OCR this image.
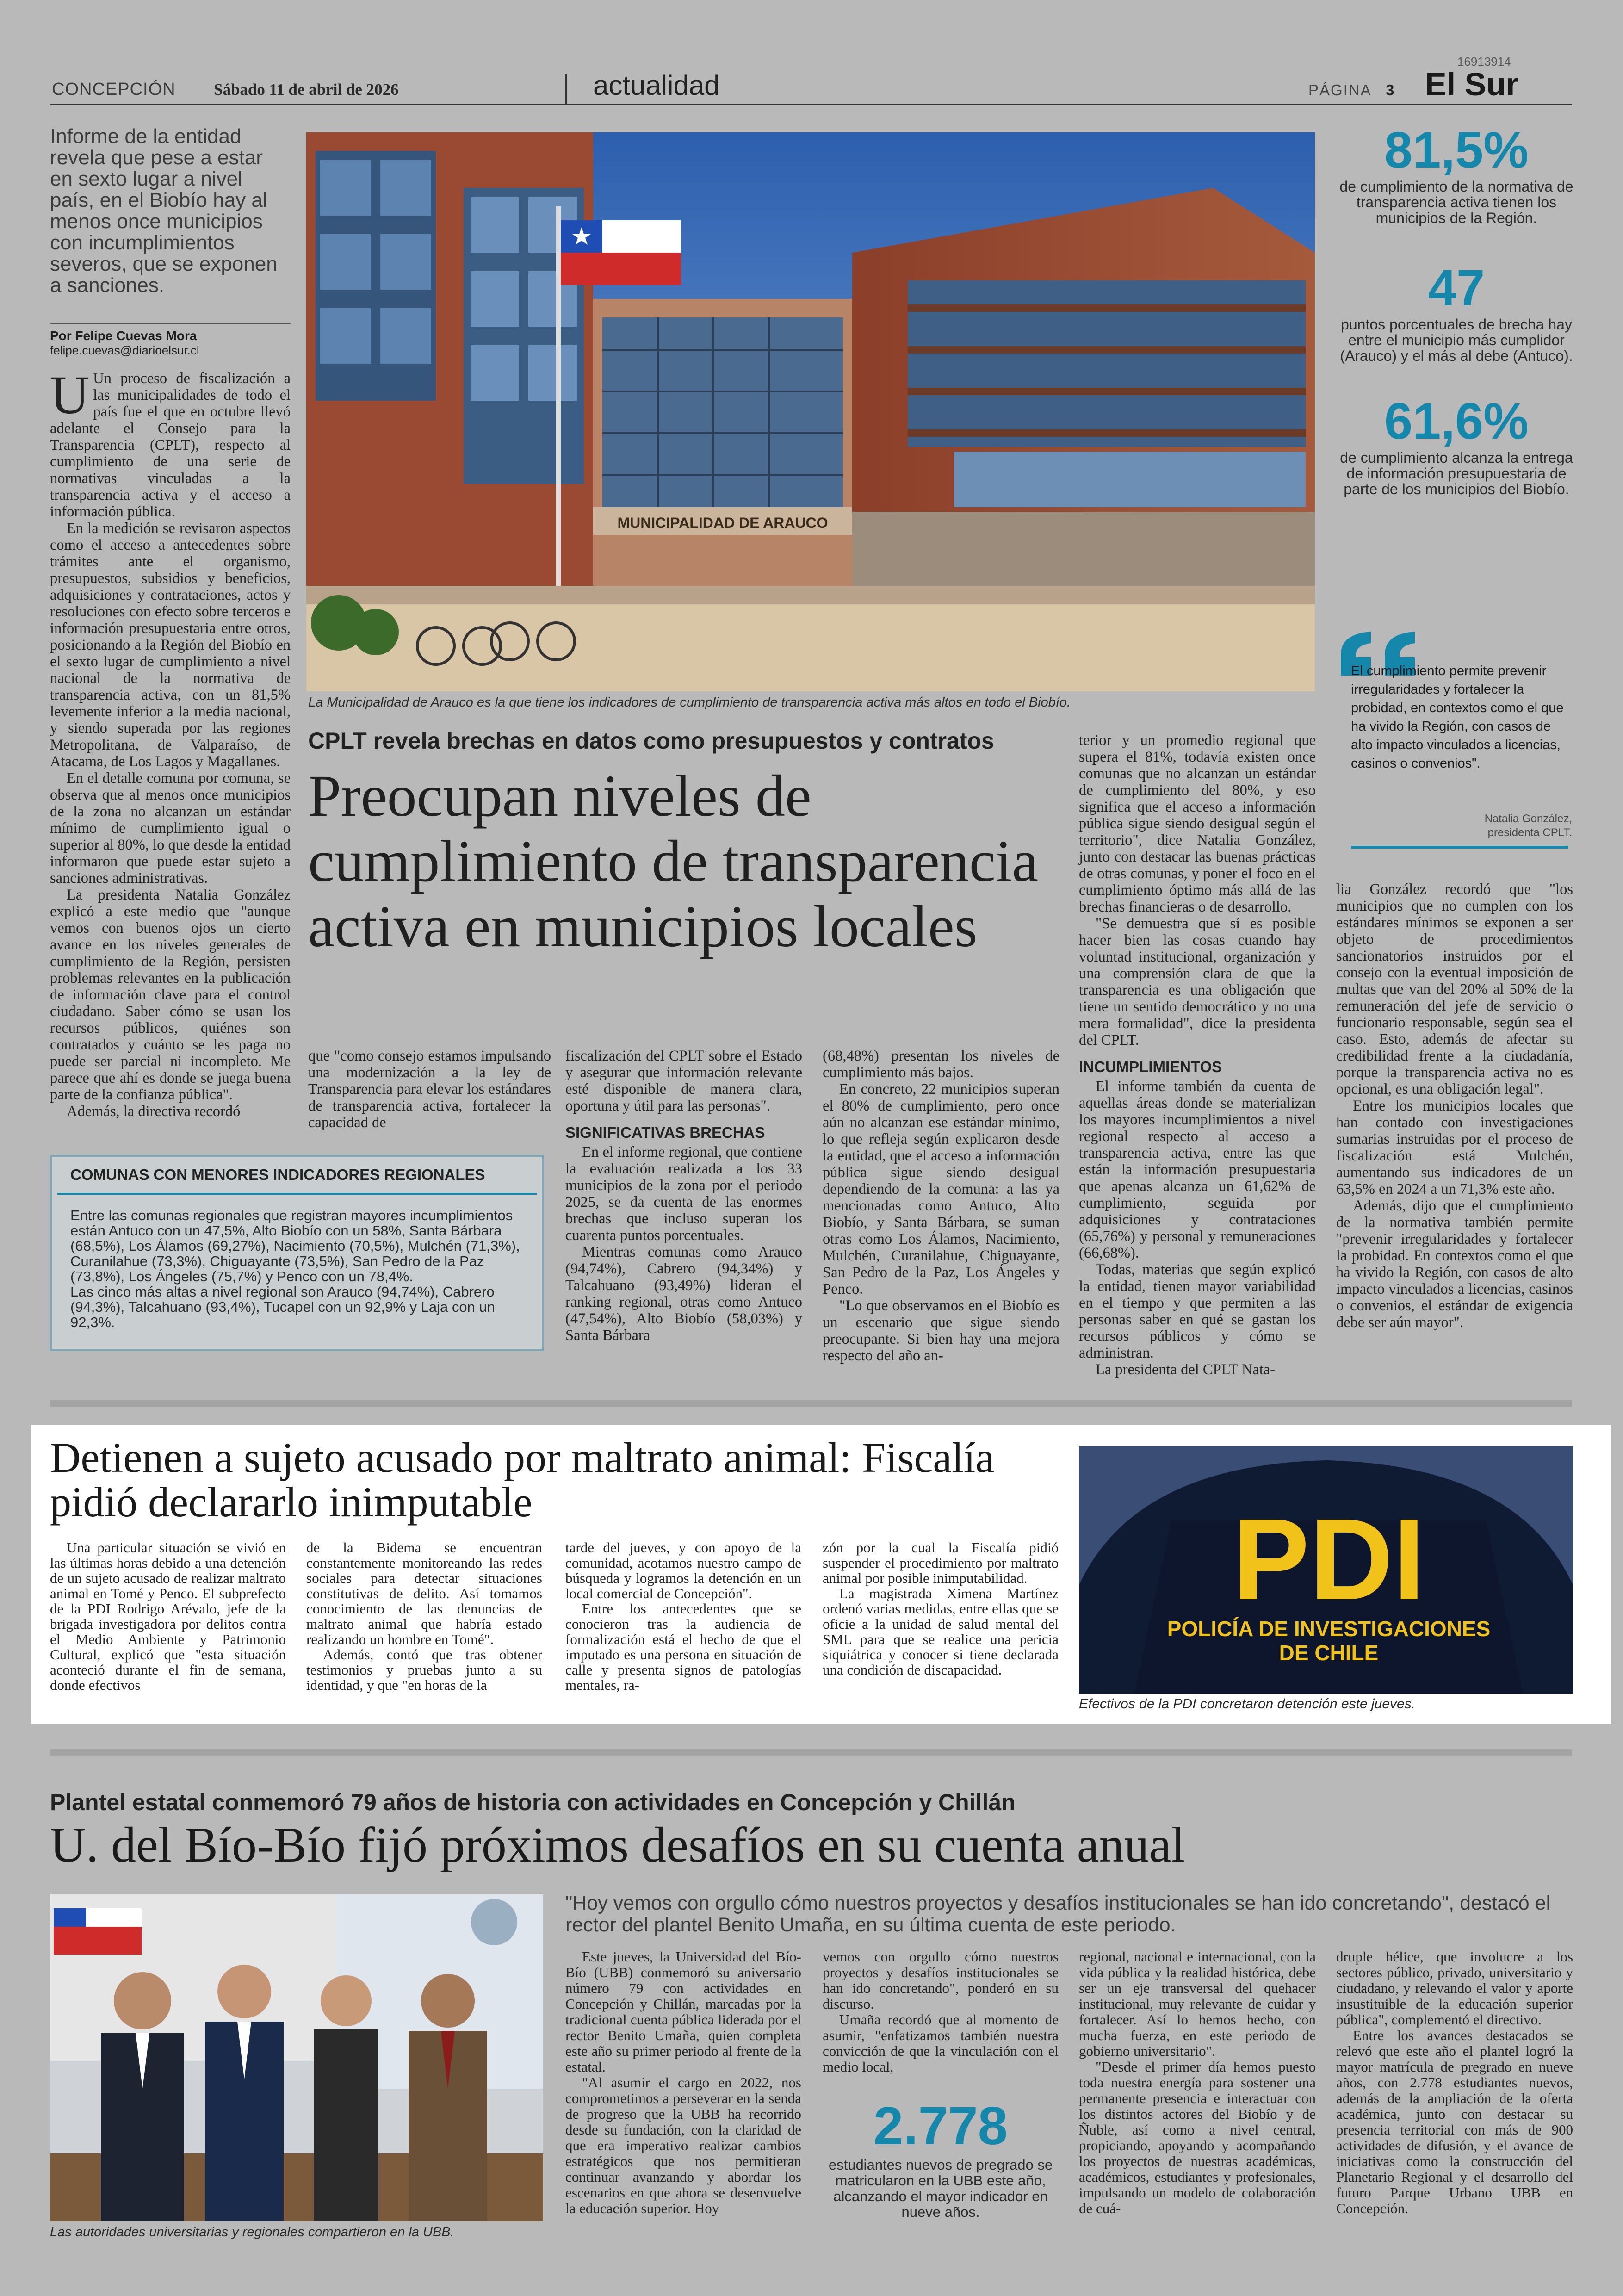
16913914
CONCEPCIÓN Sábado 11 de abril de 2026	actualidad	PÁGINA 3 El Sur
Informe de la entidad revela que pese a estar en sexto lugar a nivel país, en el Biobío hay al menos once municipios con incumplimientos severos, que se exponen a sanciones.
Por Felipe Cuevas Mora
felipe.cuevas@diarioelsur.cl

U Un proceso de fiscalización a las municipalidades de todo el país fue el que en octubre llevó adelante el Consejo para la Transparencia (CPLT), respecto al cumplimiento de una serie de normativas vinculadas a la transparencia activa y el acceso a información pública.

En la medición se revisaron aspectos como el acceso a antecedentes sobre trámites ante el organismo, presupuestos, subsidios y beneficios, adquisiciones y contrataciones, actos y resoluciones con efecto sobre terceros e información presupuestaria entre otros, posicionando a la Región del Biobío en el sexto lugar de cumplimiento a nivel nacional de la normativa de transparencia activa, con un 81,5% levemente inferior a la media nacional, y siendo superada por las regiones Metropolitana, de Valparaíso, de Atacama, de Los Lagos y Magallanes.

En el detalle comuna por comuna, se observa que al menos once municipios de la zona no alcanzan un estándar mínimo de cumplimiento igual o superior al 80%, lo que desde la entidad informaron que puede estar sujeto a sanciones administrativas.

La presidenta Natalia González explicó a este medio que "aunque vemos con buenos ojos un cierto avance en los niveles generales de cumplimiento de la Región, persisten problemas relevantes en la publicación de información clave para el control ciudadano. Saber cómo se usan los recursos públicos, quiénes son contratados y cuánto se les paga no puede ser parcial ni incompleto. Me parece que ahí es donde se juega buena parte de la confianza pública".

Además, la directiva recordó

MUNICIPALIDAD DE ARAUCO
La Municipalidad de Arauco es la que tiene los indicadores de cumplimiento de transparencia activa más altos en todo el Biobío.
CPLT revela brechas en datos como presupuestos y contratos
Preocupan niveles de cumplimiento de transparencia activa en municipios locales

que "como consejo estamos impulsando una modernización a la ley de Transparencia para elevar los estándares de transparencia activa, fortalecer la capacidad de

fiscalización del CPLT sobre el Estado y asegurar que información relevante esté disponible de manera clara, oportuna y útil para las personas".

SIGNIFICATIVAS BRECHAS

En el informe regional, que contiene la evaluación realizada a los 33 municipios de la zona por el periodo 2025, se da cuenta de las enormes brechas que incluso superan los cuarenta puntos porcentuales.

Mientras comunas como Arauco (94,74%), Cabrero (94,34%) y Talcahuano (93,49%) lideran el ranking regional, otras como Antuco (47,54%), Alto Biobío (58,03%) y Santa Bárbara

(68,48%) presentan los niveles de cumplimiento más bajos.

En concreto, 22 municipios superan el 80% de cumplimiento, pero once aún no alcanzan ese estándar mínimo, lo que refleja según explicaron desde la entidad, que el acceso a información pública sigue siendo desigual dependiendo de la comuna: a las ya mencionadas como Antuco, Alto Biobío, y Santa Bárbara, se suman otras como Los Álamos, Nacimiento, Mulchén, Curanilahue, Chiguayante, San Pedro de la Paz, Los Ángeles y Penco.

"Lo que observamos en el Biobío es un escenario que sigue siendo preocupante. Si bien hay una mejora respecto del año an-

terior y un promedio regional que supera el 81%, todavía existen once comunas que no alcanzan un estándar de cumplimiento del 80%, y eso significa que el acceso a información pública sigue siendo desigual según el territorio", dice Natalia González, junto con destacar las buenas prácticas de otras comunas, y poner el foco en el cumplimiento óptimo más allá de las brechas financieras o de desarrollo.

"Se demuestra que sí es posible hacer bien las cosas cuando hay voluntad institucional, organización y una comprensión clara de que la transparencia es una obligación que tiene un sentido democrático y no una mera formalidad", dice la presidenta del CPLT.

INCUMPLIMIENTOS

El informe también da cuenta de aquellas áreas donde se materializan los mayores incumplimientos a nivel regional respecto al acceso a transparencia activa, entre las que están la información presupuestaria que apenas alcanza un 61,62% de cumplimiento, seguida por adquisiciones y contrataciones (65,76%) y personal y remuneraciones (66,68%).

Todas, materias que según explicó la entidad, tienen mayor variabilidad en el tiempo y que permiten a las personas saber en qué se gastan los recursos públicos y cómo se administran.

La presidenta del CPLT Nata-

81,5%
de cumplimiento de la normativa de transparencia activa tienen los municipios de la Región.
47
puntos porcentuales de brecha hay entre el municipio más cumplidor (Arauco) y el más al debe (Antuco).
61,6%
de cumplimiento alcanza la entrega de información presupuestaria de parte de los municipios del Biobío.
El cumplimiento permite prevenir irregularidades y fortalecer la probidad, en contextos como el que ha vivido la Región, con casos de alto impacto vinculados a licencias, casinos o convenios".
Natalia González,
presidenta CPLT.

lia González recordó que "los municipios que no cumplen con los estándares mínimos se exponen a ser objeto de procedimientos sancionatorios instruidos por el consejo con la eventual imposición de multas que van del 20% al 50% de la remuneración del jefe de servicio o funcionario responsable, según sea el caso. Esto, además de afectar su credibilidad frente a la ciudadanía, porque la transparencia activa no es opcional, es una obligación legal".

Entre los municipios locales que han contado con investigaciones sumarias instruidas por el proceso de fiscalización está Mulchén, aumentando sus indicadores de un 63,5% en 2024 a un 71,3% este año.

Además, dijo que el cumplimiento de la normativa también permite "prevenir irregularidades y fortalecer la probidad. En contextos como el que ha vivido la Región, con casos de alto impacto vinculados a licencias, casinos o convenios, el estándar de exigencia debe ser aún mayor".

COMUNAS CON MENORES INDICADORES REGIONALES
Entre las comunas regionales que registran mayores incumplimientos están Antuco con un 47,5%, Alto Biobío con un 58%, Santa Bárbara (68,5%), Los Álamos (69,27%), Nacimiento (70,5%), Mulchén (71,3%), Curanilahue (73,3%), Chiguayante (73,5%), San Pedro de la Paz (73,8%), Los Ángeles (75,7%) y Penco con un 78,4%.
Las cinco más altas a nivel regional son Arauco (94,74%), Cabrero (94,3%), Talcahuano (93,4%), Tucapel con un 92,9% y Laja con un 92,3%.
Detienen a sujeto acusado por maltrato animal: Fiscalía pidió declararlo inimputable

Una particular situación se vivió en las últimas horas debido a una detención de un sujeto acusado de realizar maltrato animal en Tomé y Penco. El subprefecto de la PDI Rodrigo Arévalo, jefe de la brigada investigadora por delitos contra el Medio Ambiente y Patrimonio Cultural, explicó que "esta situación aconteció durante el fin de semana, donde efectivos

de la Bidema se encuentran constantemente monitoreando las redes sociales para detectar situaciones constitutivas de delito. Así tomamos conocimiento de las denuncias de maltrato animal que habría estado realizando un hombre en Tomé".

Además, contó que tras obtener testimonios y pruebas junto a su identidad, y que "en horas de la

tarde del jueves, y con apoyo de la comunidad, acotamos nuestro campo de búsqueda y logramos la detención en un local comercial de Concepción".

Entre los antecedentes que se conocieron tras la audiencia de formalización está el hecho de que el imputado es una persona en situación de calle y presenta signos de patologías mentales, ra-

zón por la cual la Fiscalía pidió suspender el procedimiento por maltrato animal por posible inimputabilidad.

La magistrada Ximena Martínez ordenó varias medidas, entre ellas que se oficie a la unidad de salud mental del SML para que se realice una pericia siquiátrica y conocer si tiene declarada una condición de discapacidad.

PDI
POLICÍA DE INVESTIGACIONES
DE CHILE
Efectivos de la PDI concretaron detención este jueves.
Plantel estatal conmemoró 79 años de historia con actividades en Concepción y Chillán
U. del Bío-Bío fijó próximos desafíos en su cuenta anual
Las autoridades universitarias y regionales compartieron en la UBB.
"Hoy vemos con orgullo cómo nuestros proyectos y desafíos institucionales se han ido concretando", destacó el rector del plantel Benito Umaña, en su última cuenta de este periodo.

Este jueves, la Universidad del Bío-Bío (UBB) conmemoró su aniversario número 79 con actividades en Concepción y Chillán, marcadas por la tradicional cuenta pública liderada por el rector Benito Umaña, quien completa este año su primer periodo al frente de la estatal.

"Al asumir el cargo en 2022, nos comprometimos a perseverar en la senda de progreso que la UBB ha recorrido desde su fundación, con la claridad de que era imperativo realizar cambios estratégicos que nos permitieran continuar avanzando y abordar los escenarios en que ahora se desenvuelve la educación superior. Hoy

vemos con orgullo cómo nuestros proyectos y desafíos institucionales se han ido concretando", ponderó en su discurso.

Umaña recordó que al momento de asumir, "enfatizamos también nuestra convicción de que la vinculación con el medio local,

2.778
estudiantes nuevos de pregrado se matricularon en la UBB este año, alcanzando el mayor indicador en nueve años.

regional, nacional e internacional, con la vida pública y la realidad histórica, debe ser un eje transversal del quehacer institucional, muy relevante de cuidar y fortalecer. Así lo hemos hecho, con mucha fuerza, en este periodo de gobierno universitario".

"Desde el primer día hemos puesto toda nuestra energía para sostener una permanente presencia e interactuar con los distintos actores del Biobío y de Ñuble, así como a nivel central, propiciando, apoyando y acompañando los proyectos de nuestras académicas, académicos, estudiantes y profesionales, impulsando un modelo de colaboración de cuá-

druple hélice, que involucre a los sectores público, privado, universitario y ciudadano, y relevando el valor y aporte insustituible de la educación superior pública", complementó el directivo.

Entre los avances destacados se relevó que este año el plantel logró la mayor matrícula de pregrado en nueve años, con 2.778 estudiantes nuevos, además de la ampliación de la oferta académica, junto con destacar su presencia territorial con más de 900 actividades de difusión, y el avance de iniciativas como la construcción del Planetario Regional y el desarrollo del futuro Parque Urbano UBB en Concepción.
